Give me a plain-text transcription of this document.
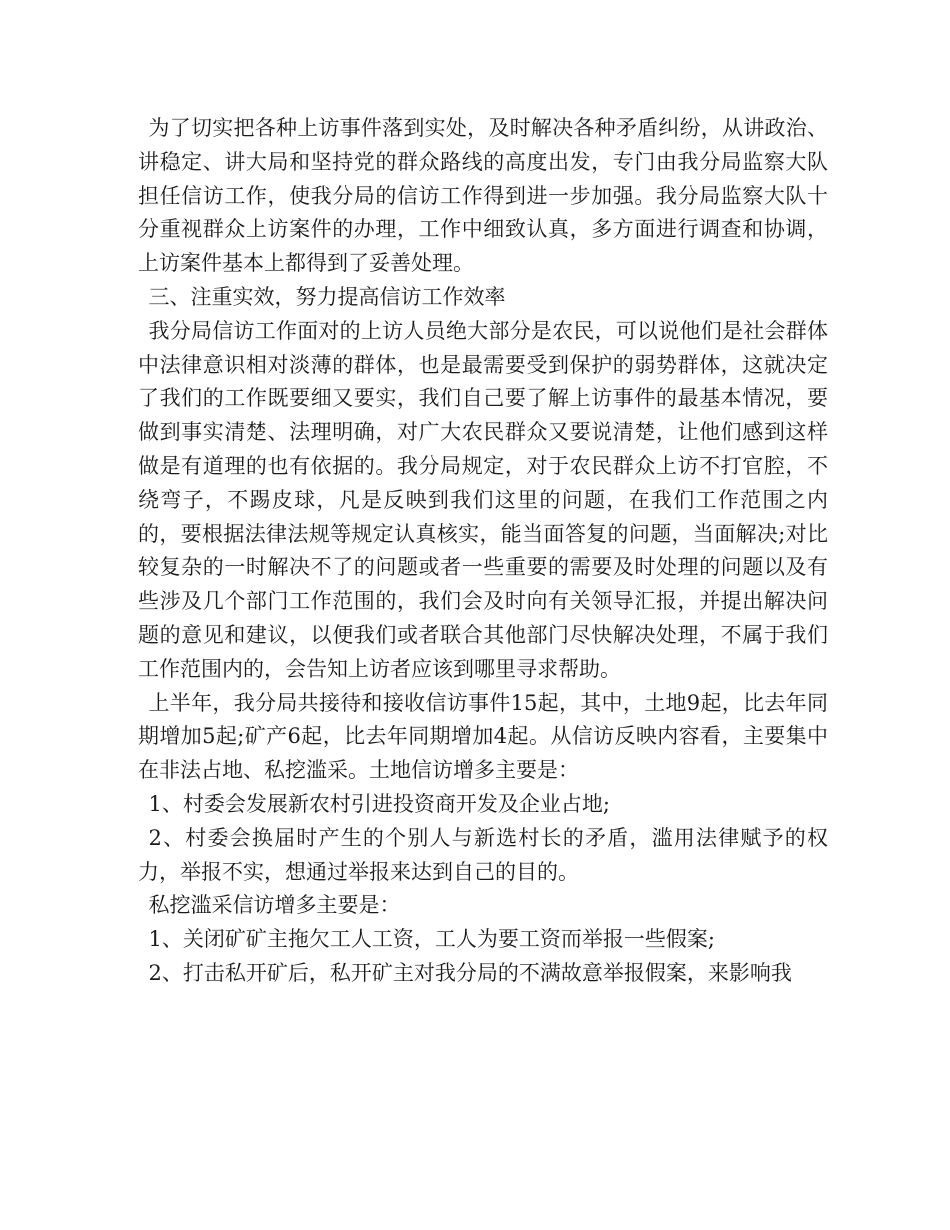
为了切实把各种上访事件落到实处，及时解决各种矛盾纠纷，从讲政治、讲稳定、讲大局和坚持党的群众路线的高度出发，专门由我分局监察大队担任信访工作，使我分局的信访工作得到进一步加强。我分局监察大队十分重视群众上访案件的办理，工作中细致认真，多方面进行调查和协调，上访案件基本上都得到了妥善处理。

三、注重实效，努力提高信访工作效率

我分局信访工作面对的上访人员绝大部分是农民，可以说他们是社会群体中法律意识相对淡薄的群体，也是最需要受到保护的弱势群体，这就决定了我们的工作既要细又要实，我们自己要了解上访事件的最基本情况，要做到事实清楚、法理明确，对广大农民群众又要说清楚，让他们感到这样做是有道理的也有依据的。我分局规定，对于农民群众上访不打官腔，不绕弯子，不踢皮球，凡是反映到我们这里的问题，在我们工作范围之内的，要根据法律法规等规定认真核实，能当面答复的问题，当面解决;对比较复杂的一时解决不了的问题或者一些重要的需要及时处理的问题以及有些涉及几个部门工作范围的，我们会及时向有关领导汇报，并提出解决问题的意见和建议，以便我们或者联合其他部门尽快解决处理，不属于我们工作范围内的，会告知上访者应该到哪里寻求帮助。

上半年，我分局共接待和接收信访事件15起，其中，土地9起，比去年同期增加5起;矿产6起，比去年同期增加4起。从信访反映内容看，主要集中在非法占地、私挖滥采。土地信访增多主要是：

1、村委会发展新农村引进投资商开发及企业占地;

2、村委会换届时产生的个别人与新选村长的矛盾，滥用法律赋予的权力，举报不实，想通过举报来达到自己的目的。

私挖滥采信访增多主要是：

1、关闭矿矿主拖欠工人工资，工人为要工资而举报一些假案;

2、打击私开矿后，私开矿主对我分局的不满故意举报假案，来影响我
